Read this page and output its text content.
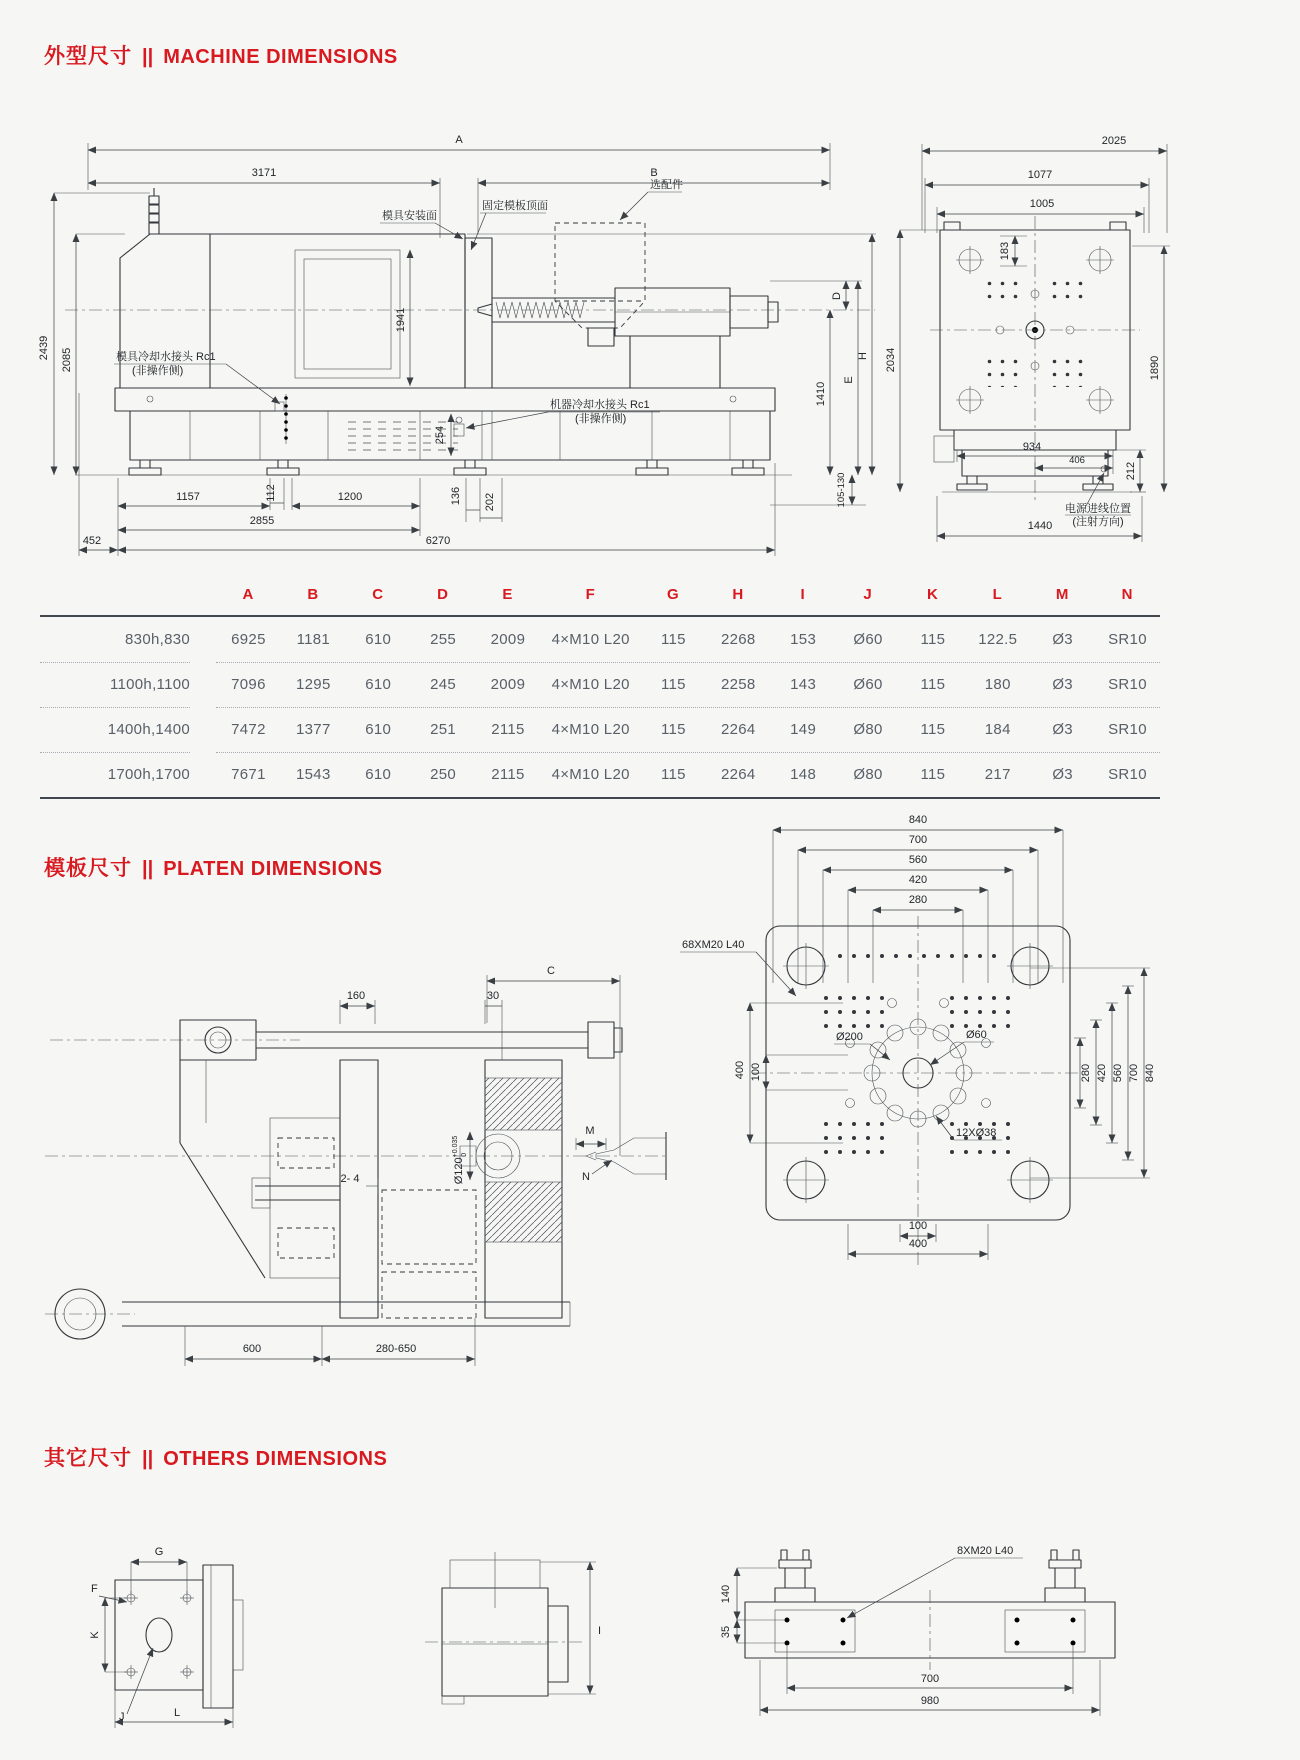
外型尺寸 || MACHINE DIMENSIONS
A
3171	B
2439 2085
1941
254
1410
D
E
H
105-130
112
1157	1200	136 202
2855
452	6270
选配件
模具安装面
固定模板顶面
模具冷却水接头 Rc1
(非操作侧)
机器冷却水接头 Rc1
(非操作侧)
2025
1077
1005
183
2034	1890
934
406
212
1440
电源进线位置
(注射方向)
A	B	C	D	E	F	G	H	I	J	K	L	M	N
830h,830	6925	1181	610	255	2009	4×M10 L20	115	2268	153	Ø60	115	122.5	Ø3	SR10
1100h,1100	7096	1295	610	245	2009	4×M10 L20	115	2258	143	Ø60	115	180	Ø3	SR10
1400h,1400	7472	1377	610	251	2115	4×M10 L20	115	2264	149	Ø80	115	184	Ø3	SR10
1700h,1700	7671	1543	610	250	2115	4×M10 L20	115	2264	148	Ø80	115	217	Ø3	SR10
模板尺寸 || PLATEN DIMENSIONS
C
160	30
$Ø120^{+0.035}$ 0
2- 4
M
N
600	280-650
840
700
560
420
280
400 100
100
400
280 420 560 700 840
68XM20 L40
Ø200	Ø60
12XØ38
其它尺寸 || OTHERS DIMENSIONS
G
F
K
J	L
I
8XM20 L40
140
35
700
980
